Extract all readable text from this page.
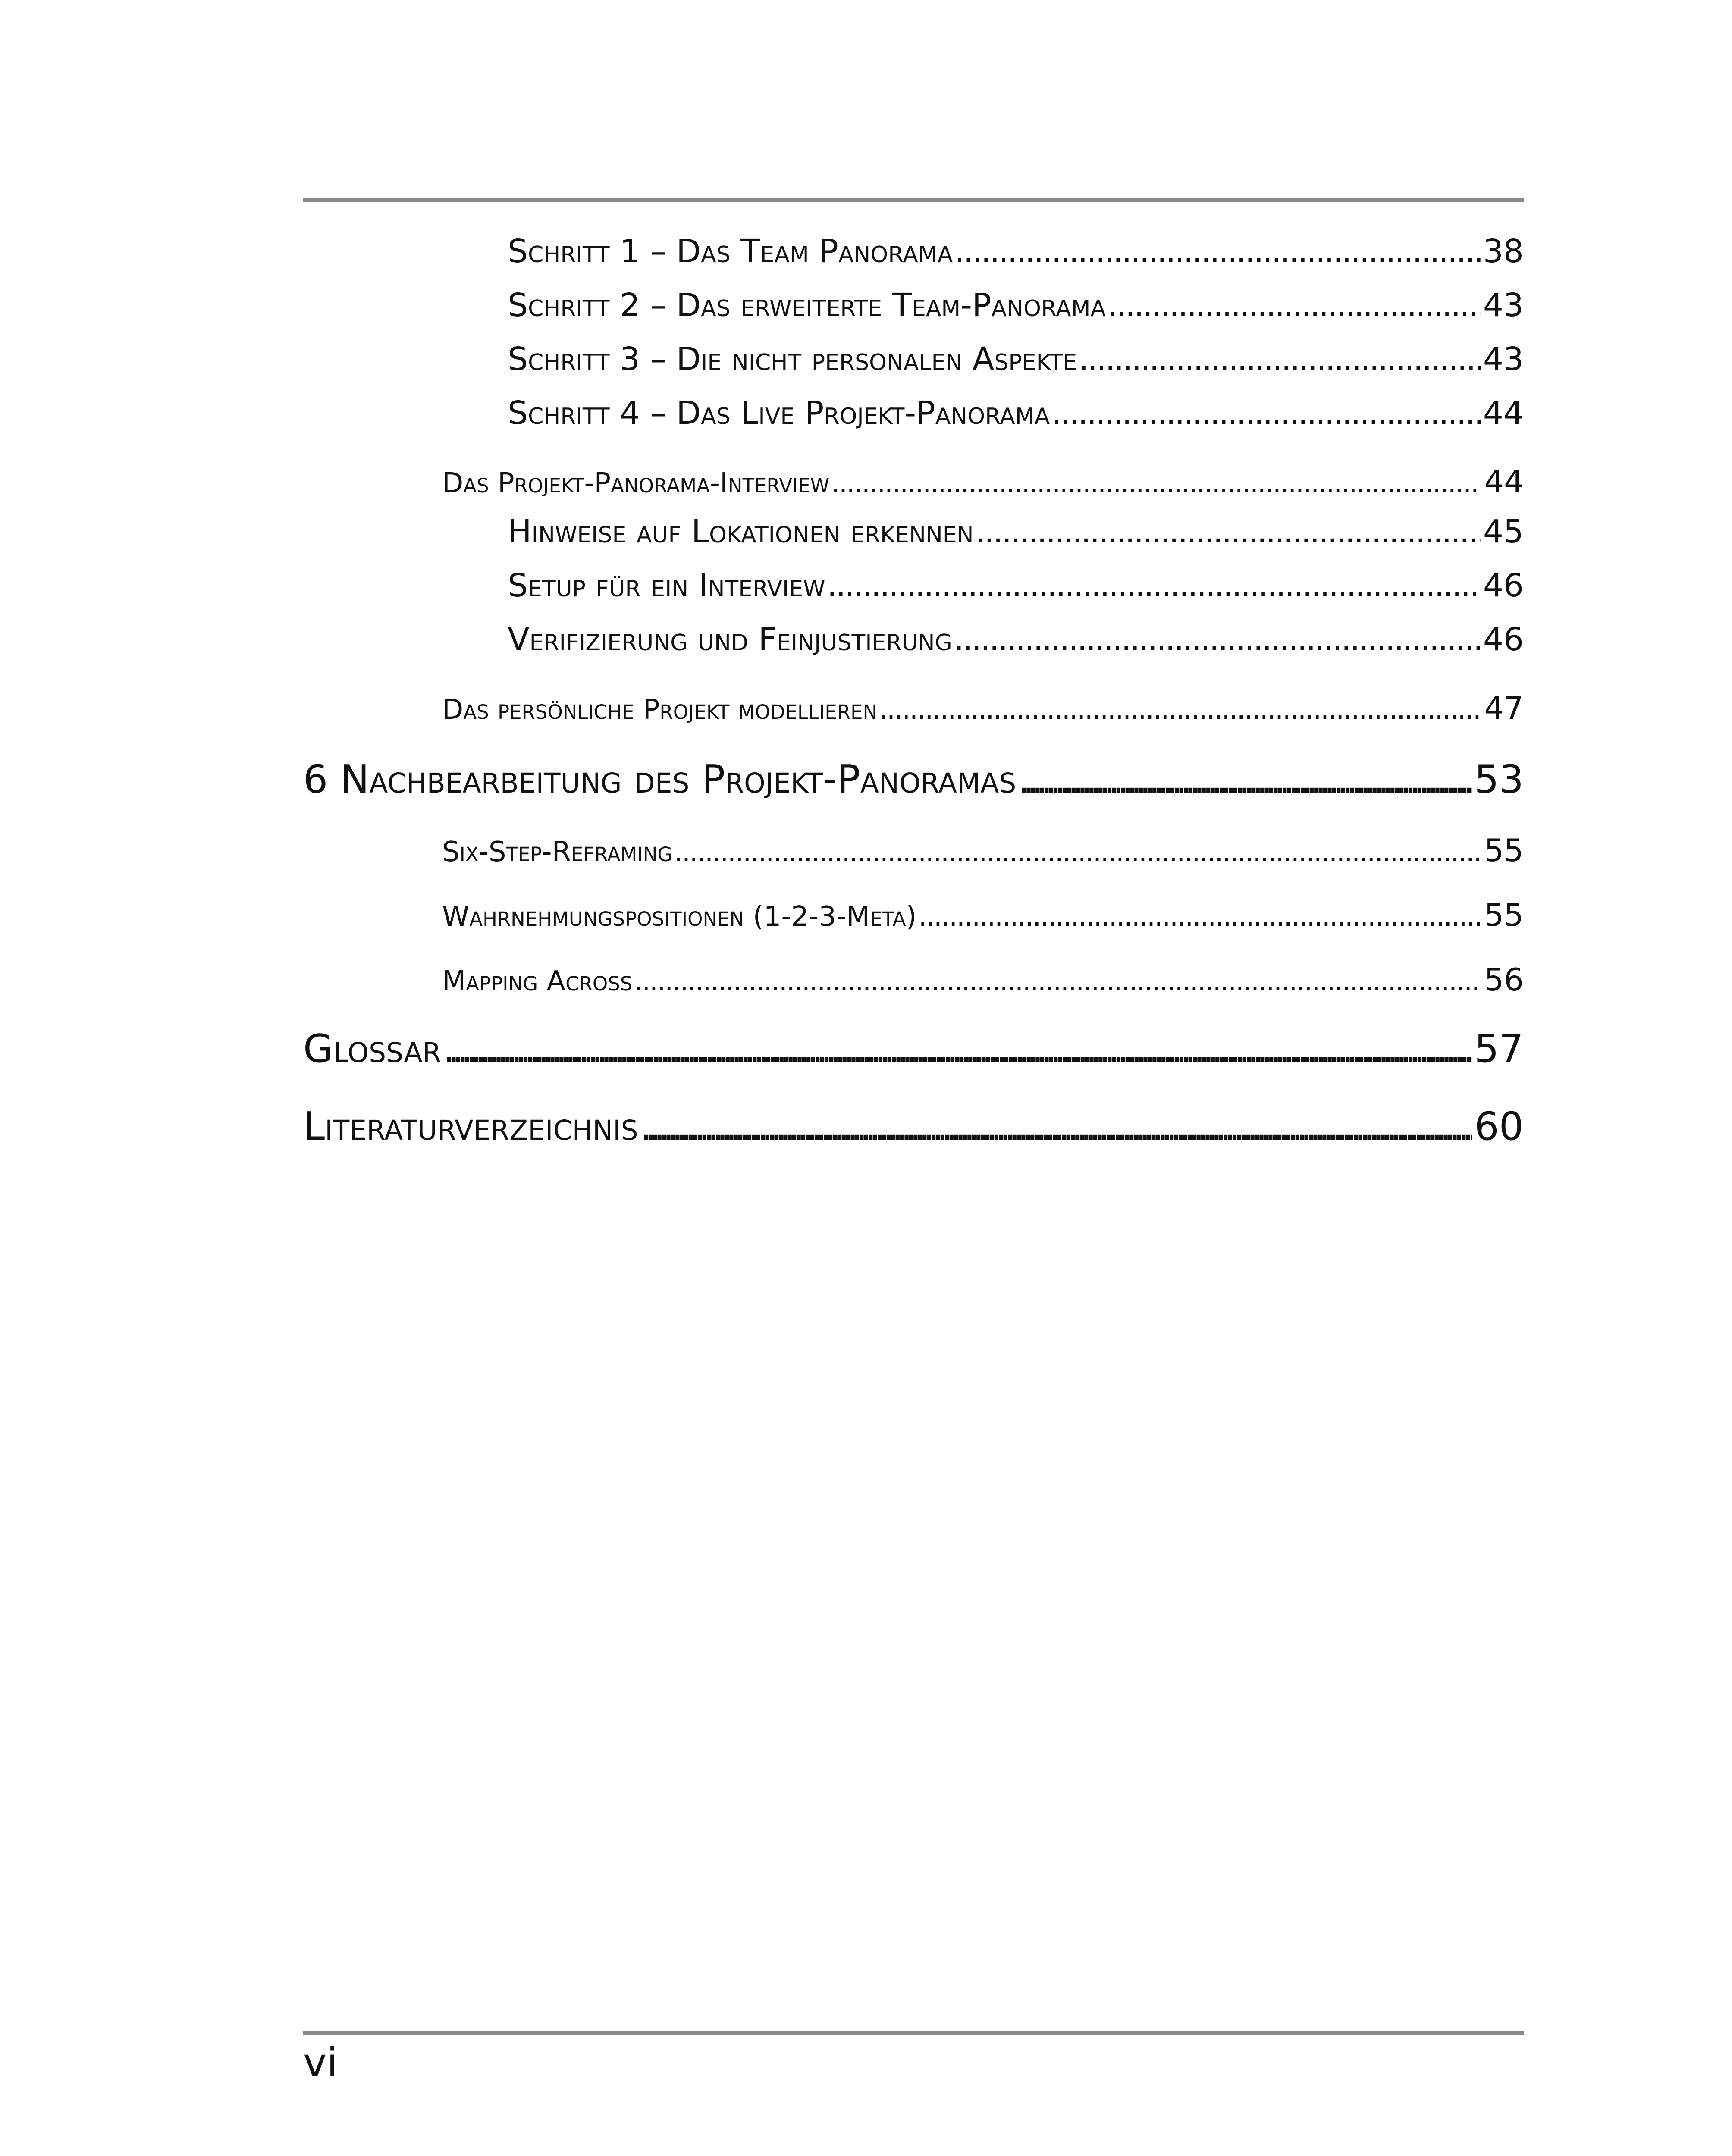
Schritt 1 – Das Team Panorama . . .	38
Schritt 2 – Das erweiterte Team-Panorama . . .	43
Schritt 3 – Die nicht personalen Aspekte . . .	43
Schritt 4 – Das Live Projekt-Panorama . . .	44
Das Projekt-Panorama-Interview . . .	44
Hinweise auf Lokationen erkennen . . .	45
Setup für ein Interview . . .	46
Verifizierung und Feinjustierung . . .	46
Das persönliche Projekt modellieren . . .	47
6 Nachbearbeitung des Projekt-Panoramas . . .	53
Six-Step-Reframing . . .	55
Wahrnehmungspositionen (1-2-3-Meta) . . .	55
Mapping Across . . .	56
Glossar . . .	57
Literaturverzeichnis . . .	60
vi
